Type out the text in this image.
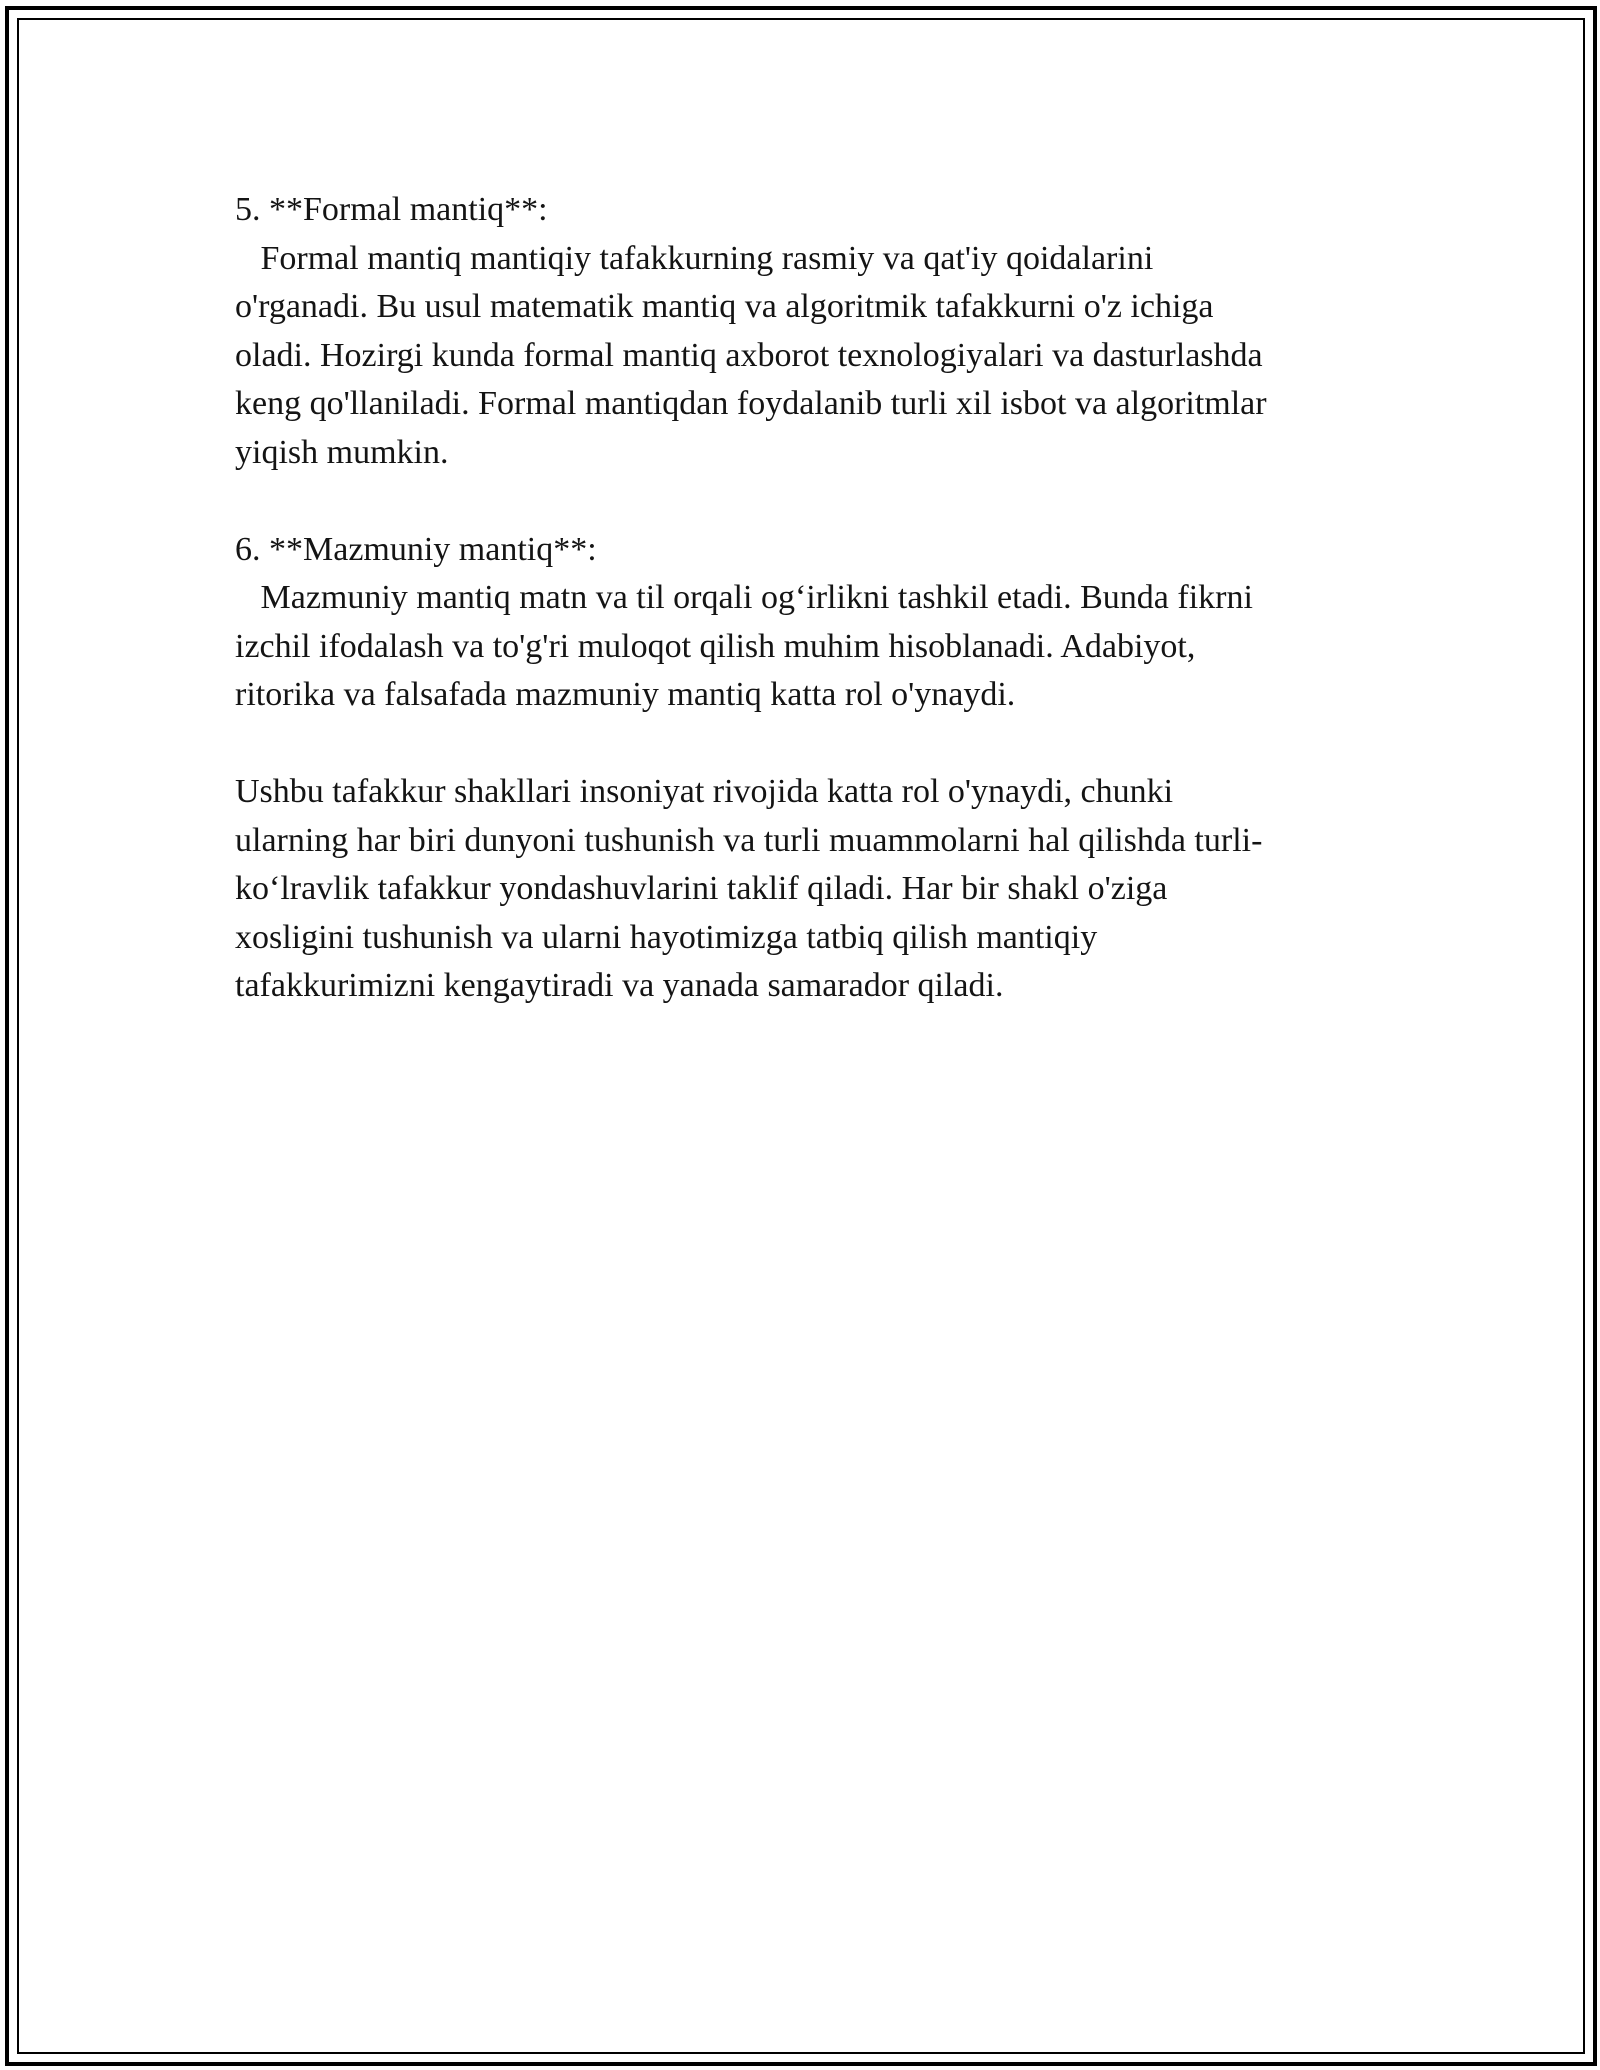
5. **Formal mantiq**:
Formal mantiq mantiqiy tafakkurning rasmiy va qat'iy qoidalarini
o'rganadi. Bu usul matematik mantiq va algoritmik tafakkurni o'z ichiga
oladi. Hozirgi kunda formal mantiq axborot texnologiyalari va dasturlashda
keng qo'llaniladi. Formal mantiqdan foydalanib turli xil isbot va algoritmlar
yiqish mumkin.
6. **Mazmuniy mantiq**:
Mazmuniy mantiq matn va til orqali og‘irlikni tashkil etadi. Bunda fikrni
izchil ifodalash va to'g'ri muloqot qilish muhim hisoblanadi. Adabiyot,
ritorika va falsafada mazmuniy mantiq katta rol o'ynaydi.
Ushbu tafakkur shakllari insoniyat rivojida katta rol o'ynaydi, chunki
ularning har biri dunyoni tushunish va turli muammolarni hal qilishda turli-
ko‘lravlik tafakkur yondashuvlarini taklif qiladi. Har bir shakl o'ziga
xosligini tushunish va ularni hayotimizga tatbiq qilish mantiqiy
tafakkurimizni kengaytiradi va yanada samarador qiladi.
